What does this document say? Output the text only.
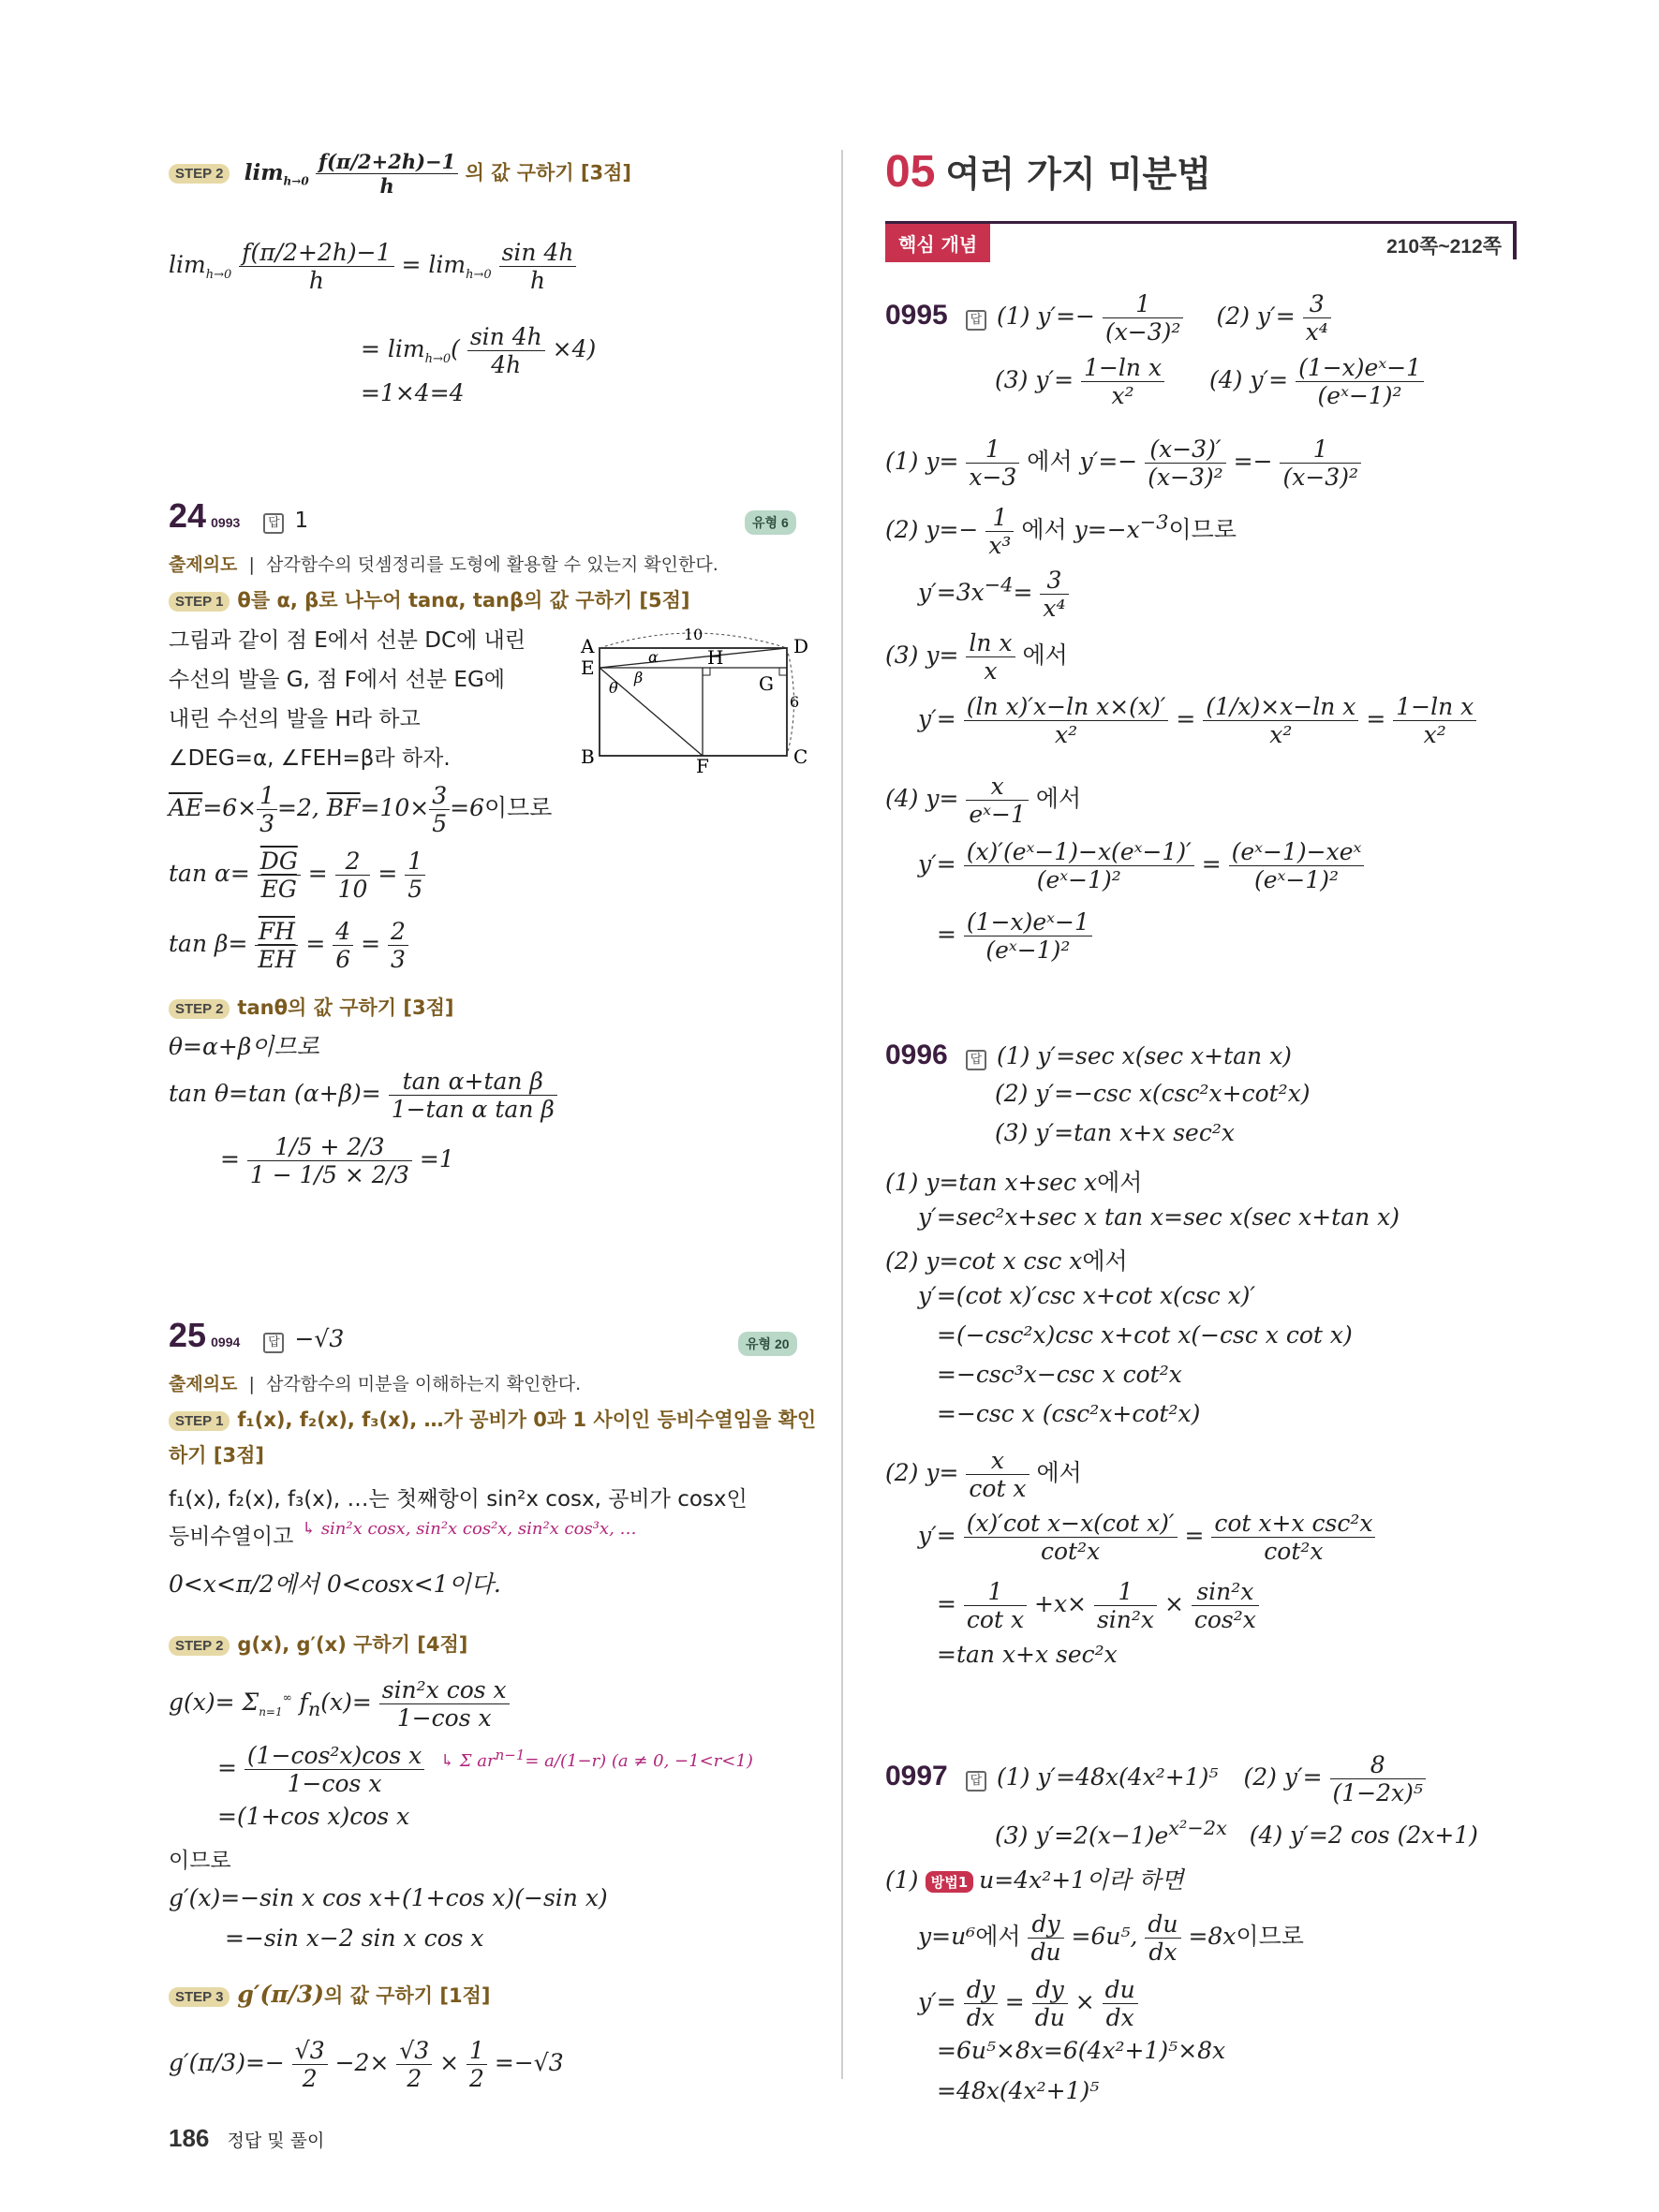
STEP 2 $\lim_{h\to 0} \frac{f(\pi/2+2h)-1}{h}$ 의 값 구하기 [3점]
$\lim_{h\to 0} \frac{f(\pi/2+2h)-1}{h} = \lim_{h\to 0} \frac{\sin 4h}{h}$
= $\lim_{h\to 0}( \frac{\sin 4h}{4h} \times 4)$
=1×4=4
24 0993 답 1	유형 6
출제의도  |  삼각함수의 덧셈정리를 도형에 활용할 수 있는지 확인한다.
STEP 1 θ를 α, β로 나누어 tanα, tanβ의 값 구하기 [5점]
그림과 같이 점 E에서 선분 DC에 내린
수선의 발을 G, 점 F에서 선분 EG에
내린 수선의 발을 H라 하고
∠DEG=α, ∠FEH=β라 하자.
A	D
E
B	C
F
G
H
10
6
α
β
θ
$\overline{AE}=6\times \frac{1}{3} =2$, $\overline{BF}=10\times \frac{3}{5} =6$이므로
$\tan \alpha= \frac{\overline{DG}}{EG} = \frac{2}{10} = \frac{1}{5}$
$\tan \beta= \frac{\overline{FH}}{EH} = \frac{4}{6} = \frac{2}{3}$
STEP 2 tanθ의 값 구하기 [3점]
θ=α+β이므로
tan θ=tan $(\alpha+\beta)= \frac{\text{tan α+tan β}}{\text{1−tan α tan β}}$
= $\frac{1/5 + 2/3}{1 - 1/5 \times 2/3} =1$
25 0994 답 −√3	유형 20
출제의도  |  삼각함수의 미분을 이해하는지 확인한다.
STEP 1 f₁(x), f₂(x), f₃(x), …가 공비가 0과 1 사이인 등비수열임을 확인
하기 [3점]
f₁(x), f₂(x), f₃(x), …는 첫째항이 sin²x cosx, 공비가 cosx인
등비수열이고 ↳ sin²x cosx, sin²x cos²x, sin²x cos³x, …
0<x<π/2에서 0<cosx<1이다.
STEP 2 g(x), g′(x) 구하기 [4점]
$g(x)= \Sigma_{n=1}^\infty$ $f_n(x)= \frac{\text{sin²x cos x}}{\text{1−cos x}}$
= $\frac{\text{(1−cos²x)cos x}}{\text{1−cos x}}$ ↳ Σ $ar^{n-1}= a/(1-r) (a \ne 0$, −1<r<1)
=(1+cos x)cos x
이므로
g′(x)=−sin x cos x+(1+cos x)(−sin x)
=−sin x−2 sin x cos x
STEP 3 g′(π/3)의 값 구하기 [1점]
$g'(\pi/3)=- \frac{√3}{2} -2\times \frac{√3}{2} \times \frac{1}{2} =-√3$
186 정답 및 풀이
05 여러 가지 미분법
핵심 개념	210쪽~212쪽
0995 답 (1) $y'=- \frac{1}{\text{(x−3)²}} (2)$ $y'= \frac{3}{\text{x⁴}}$
(3) $y'= \frac{\text{1−ln x}}{\text{x²}} (4)$ $y'= \frac{\text{(1−x)eˣ−1}}{\text{(eˣ−1)²}}$
(1) $y= \frac{1}{x-3}$ 에서 $y'=- \frac{(x-3)'}{\text{(x−3)²}} =- \frac{1}{\text{(x−3)²}}$
(2) $y=- \frac{1}{\text{x³}}$ 에서 $y=-x^{-3}$이므로
$y'=3x^{-4}= \frac{3}{\text{x⁴}}$
(3) $y= \frac{\text{ln x}}{x}$ 에서
$y'= \frac{\text{(ln x)′x−ln x×(x)′}}{\text{x²}} = \frac{\text{(1/x)×x−ln x}}{\text{x²}} = \frac{\text{1−ln x}}{\text{x²}}$
(4) $y= \frac{x}{\text{eˣ−1}}$ 에서
$y'= \frac{\text{(x)′(eˣ−1)−x(eˣ−1)′}}{\text{(eˣ−1)²}}$ = (eˣ−1)−xeˣ
(eˣ−1)²
= $\frac{\text{(1−x)eˣ−1}}{\text{(eˣ−1)²}}$
0996 답 (1) y′=sec x(sec x+tan x)
(2) y′=−csc x(csc²x+cot²x)
(3) y′=tan x+x sec²x
(1) y=tan x+sec x에서
y′=sec²x+sec x tan x=sec x(sec x+tan x)
(2) y=cot x csc x에서
y′=(cot x)′csc x+cot x(csc x)′
=(−csc²x)csc x+cot x(−csc x cot x)
=−csc³x−csc x cot²x
=−csc x (csc²x+cot²x)
(2) $y= \frac{x}{\text{cot x}}$ 에서
$y'= \frac{\text{(x)′cot x−x(cot x)′}}{\text{cot²x}} = \cot x+x$ csc²x
cot²x
= $\frac{1}{\text{cot x}} +x\times \frac{1}{\text{sin²x}} \times \frac{\text{sin²x}}{\text{cos²x}}$
=tan x+x sec²x
0997 답 (1) y′=48x(4x²+1)⁵ (2) $y'= \frac{8}{\text{(1−2x)⁵}}$
(3) $y'=2(x-1)e^{x^2-2x}$ (4) y′=2 cos (2x+1)
(1) 방법1 u=4x²+1이라 하면
y=u⁶에서 $\frac{dy}{du} =6u^5$, $\frac{du}{dx} =8x$이므로
$y'= \frac{dy}{dx} = \frac{dy}{du} \times \frac{du}{dx}$
=6u⁵×8x=6(4x²+1)⁵×8x
=48x(4x²+1)⁵
